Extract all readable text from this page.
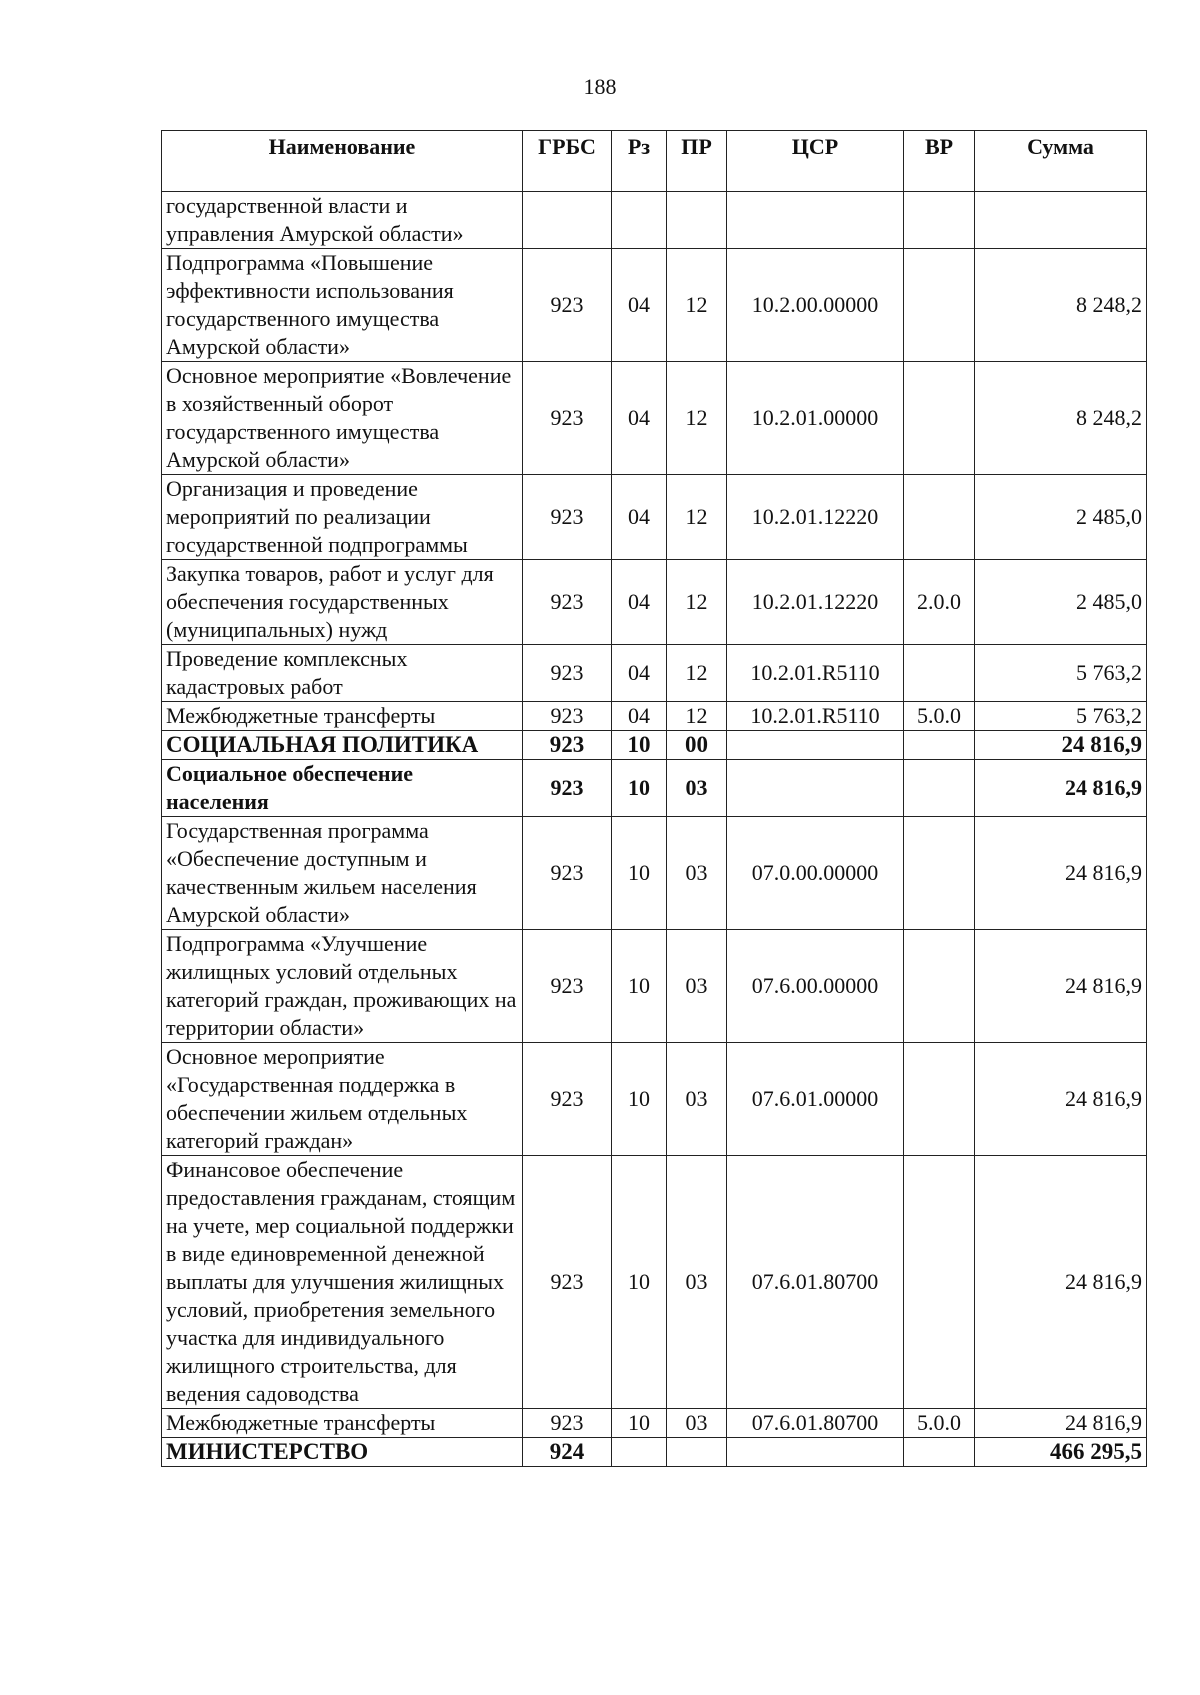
188
Наименование	ГРБС	Рз	ПР	ЦСР	ВР	Сумма
государственной власти и управления Амурской области»						
Подпрограмма «Повышение эффективности использования государственного имущества Амурской области»	923	04	12	10.2.00.00000		8 248,2
Основное мероприятие «Вовлечение в хозяйственный оборот государственного имущества Амурской области»	923	04	12	10.2.01.00000		8 248,2
Организация и проведение мероприятий по реализации государственной подпрограммы	923	04	12	10.2.01.12220		2 485,0
Закупка товаров, работ и услуг для обеспечения государственных (муниципальных) нужд	923	04	12	10.2.01.12220	2.0.0	2 485,0
Проведение комплексных кадастровых работ	923	04	12	10.2.01.R5110		5 763,2
Межбюджетные трансферты	923	04	12	10.2.01.R5110	5.0.0	5 763,2
СОЦИАЛЬНАЯ ПОЛИТИКА	923	10	00			24 816,9
Социальное обеспечение населения	923	10	03			24 816,9
Государственная программа «Обеспечение доступным и качественным жильем населения Амурской области»	923	10	03	07.0.00.00000		24 816,9
Подпрограмма «Улучшение жилищных условий отдельных категорий граждан, проживающих на территории области»	923	10	03	07.6.00.00000		24 816,9
Основное мероприятие «Государственная поддержка в обеспечении жильем отдельных категорий граждан»	923	10	03	07.6.01.00000		24 816,9
Финансовое обеспечение предоставления гражданам, стоящим на учете, мер социальной поддержки в виде единовременной денежной выплаты для улучшения жилищных условий, приобретения земельного участка для индивидуального жилищного строительства, для ведения садоводства	923	10	03	07.6.01.80700		24 816,9
Межбюджетные трансферты	923	10	03	07.6.01.80700	5.0.0	24 816,9
МИНИСТЕРСТВО	924					466 295,5
